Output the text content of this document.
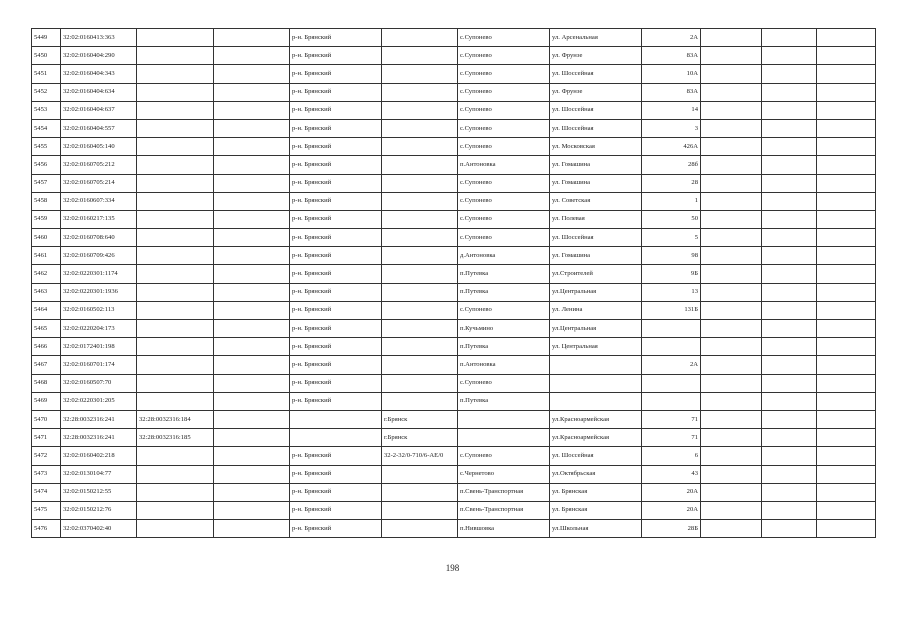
5449	32:02:0160413:363			р-н. Брянский		с.Супонево	ул. Арсенальная	2А			
5450	32:02:0160404:290			р-н. Брянский		с.Супонево	ул. Фрунзе	83А			
5451	32:02:0160404:343			р-н. Брянский		с.Супонево	ул. Шоссейная	10А			
5452	32:02:0160404:634			р-н. Брянский		с.Супонево	ул. Фрунзе	83А			
5453	32:02:0160404:637			р-н. Брянский		с.Супонево	ул. Шоссейная	14			
5454	32:02:0160404:557			р-н. Брянский		с.Супонево	ул. Шоссейная	3			
5455	32:02:0160405:140			р-н. Брянский		с.Супонево	ул. Московская	426А			
5456	32:02:0160705:212			р-н. Брянский		п.Антоновка	ул. Гомашина	28б			
5457	32:02:0160705:214			р-н. Брянский		с.Супонево	ул. Гомашина	28			
5458	32:02:0160607:334			р-н. Брянский		с.Супонево	ул. Советская	1			
5459	32:02:0160217:135			р-н. Брянский		с.Супонево	ул. Полевая	50			
5460	32:02:0160708:640			р-н. Брянский		с.Супонево	ул. Шоссейная	5			
5461	32:02:0160709:426			р-н. Брянский		д.Антоновка	ул. Гомашина	98			
5462	32:02:0220301:1174			р-н. Брянский		п.Путевка	ул.Строителей	9Б			
5463	32:02:0220301:1936			р-н. Брянский		п.Путевка	ул.Центральная	13			
5464	32:02:0160502:113			р-н. Брянский		с.Супонево	ул. Ленина	131Б			
5465	32:02:0220204:173			р-н. Брянский		п.Кучьмино	ул.Центральная				
5466	32:02:0172401:198			р-н. Брянский		п.Путевка	ул. Центральная				
5467	32:02:0160701:174			р-н. Брянский		п.Антоновка		2А			
5468	32:02:0160507:70			р-н. Брянский		с.Супонево					
5469	32:02:0220301:205			р-н. Брянский		п.Путевка					
5470	32:28:0032316:241	32:28:0032316:184			г.Брянск		ул.Красноармейская	71			
5471	32:28:0032316:241	32:28:0032316:185			г.Брянск		ул.Красноармейская	71			
5472	32:02:0160402:218			р-н. Брянский	32-2-32/0-710/6-АЕ/0	с.Супонево	ул. Шоссейная	6			
5473	32:02:0130104:77			р-н. Брянский		с.Чернетово	ул.Октябрьская	43			
5474	32:02:0150212:55			р-н. Брянский		п.Свень-Транспортная	ул. Брянская	20А			
5475	32:02:0150212:76			р-н. Брянский		п.Свень-Транспортная	ул. Брянская	20А			
5476	32:02:0370402:40			р-н. Брянский		п.Нившовка	ул.Школьная	28Б			
198
